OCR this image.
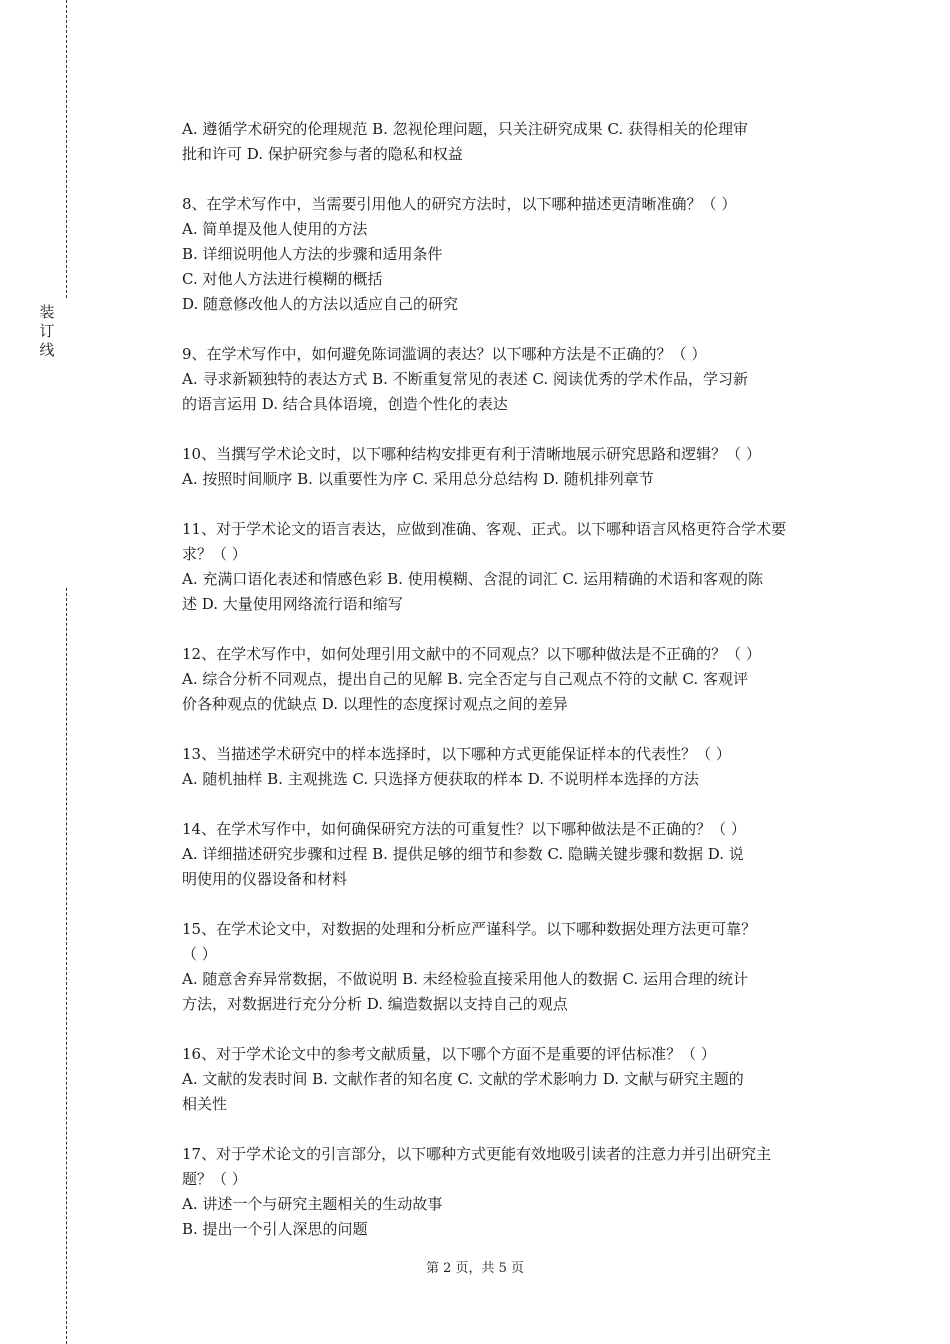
装
订
线
A. 遵循学术研究的伦理规范 B. 忽视伦理问题，只关注研究成果 C. 获得相关的伦理审
批和许可 D. 保护研究参与者的隐私和权益
8、在学术写作中，当需要引用他人的研究方法时，以下哪种描述更清晰准确？（ ）
A. 简单提及他人使用的方法
B. 详细说明他人方法的步骤和适用条件
C. 对他人方法进行模糊的概括
D. 随意修改他人的方法以适应自己的研究
9、在学术写作中，如何避免陈词滥调的表达？以下哪种方法是不正确的？（ ）
A. 寻求新颖独特的表达方式 B. 不断重复常见的表述 C. 阅读优秀的学术作品，学习新
的语言运用 D. 结合具体语境，创造个性化的表达
10、当撰写学术论文时，以下哪种结构安排更有利于清晰地展示研究思路和逻辑？（ ）
A. 按照时间顺序 B. 以重要性为序 C. 采用总分总结构 D. 随机排列章节
11、对于学术论文的语言表达，应做到准确、客观、正式。以下哪种语言风格更符合学术要
求？（ ）
A. 充满口语化表述和情感色彩 B. 使用模糊、含混的词汇 C. 运用精确的术语和客观的陈
述 D. 大量使用网络流行语和缩写
12、在学术写作中，如何处理引用文献中的不同观点？以下哪种做法是不正确的？（ ）
A. 综合分析不同观点，提出自己的见解 B. 完全否定与自己观点不符的文献 C. 客观评
价各种观点的优缺点 D. 以理性的态度探讨观点之间的差异
13、当描述学术研究中的样本选择时，以下哪种方式更能保证样本的代表性？（ ）
A. 随机抽样 B. 主观挑选 C. 只选择方便获取的样本 D. 不说明样本选择的方法
14、在学术写作中，如何确保研究方法的可重复性？以下哪种做法是不正确的？（ ）
A. 详细描述研究步骤和过程 B. 提供足够的细节和参数 C. 隐瞒关键步骤和数据 D. 说
明使用的仪器设备和材料
15、在学术论文中，对数据的处理和分析应严谨科学。以下哪种数据处理方法更可靠？
（ ）
A. 随意舍弃异常数据，不做说明 B. 未经检验直接采用他人的数据 C. 运用合理的统计
方法，对数据进行充分分析 D. 编造数据以支持自己的观点
16、对于学术论文中的参考文献质量，以下哪个方面不是重要的评估标准？（ ）
A. 文献的发表时间 B. 文献作者的知名度 C. 文献的学术影响力 D. 文献与研究主题的
相关性
17、对于学术论文的引言部分，以下哪种方式更能有效地吸引读者的注意力并引出研究主
题？（ ）
A. 讲述一个与研究主题相关的生动故事
B. 提出一个引人深思的问题
第 2 页，共 5 页
